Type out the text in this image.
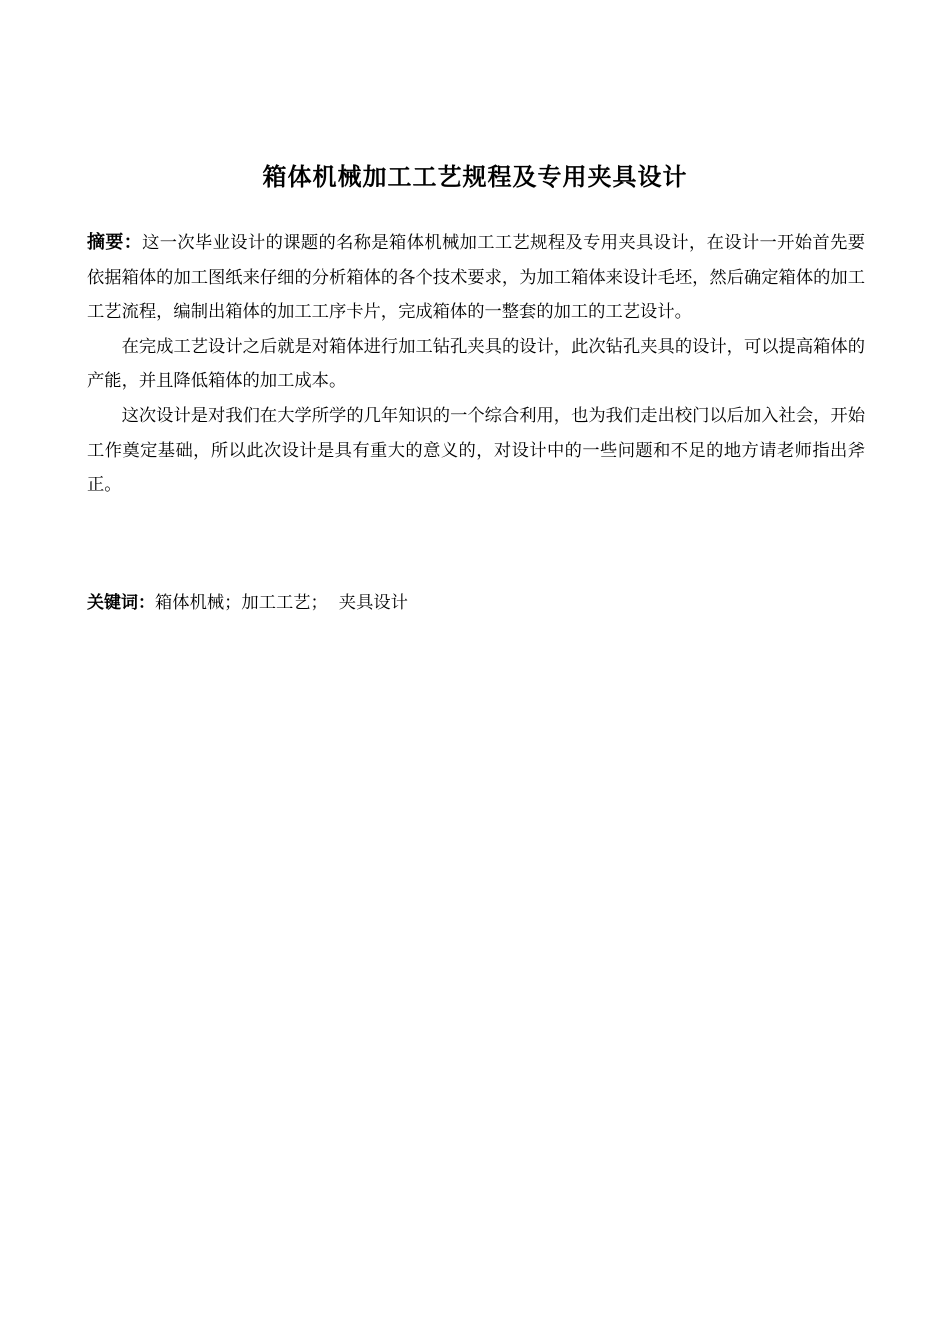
箱体机械加工工艺规程及专用夹具设计

摘要：这一次毕业设计的课题的名称是箱体机械加工工艺规程及专用夹具设计，在设计一开始首先要依据箱体的加工图纸来仔细的分析箱体的各个技术要求，为加工箱体来设计毛坯，然后确定箱体的加工工艺流程，编制出箱体的加工工序卡片，完成箱体的一整套的加工的工艺设计。

在完成工艺设计之后就是对箱体进行加工钻孔夹具的设计，此次钻孔夹具的设计，可以提高箱体的产能，并且降低箱体的加工成本。

这次设计是对我们在大学所学的几年知识的一个综合利用，也为我们走出校门以后加入社会，开始工作奠定基础，所以此次设计是具有重大的意义的，对设计中的一些问题和不足的地方请老师指出斧正。

关键词：箱体机械；加工工艺；  夹具设计
